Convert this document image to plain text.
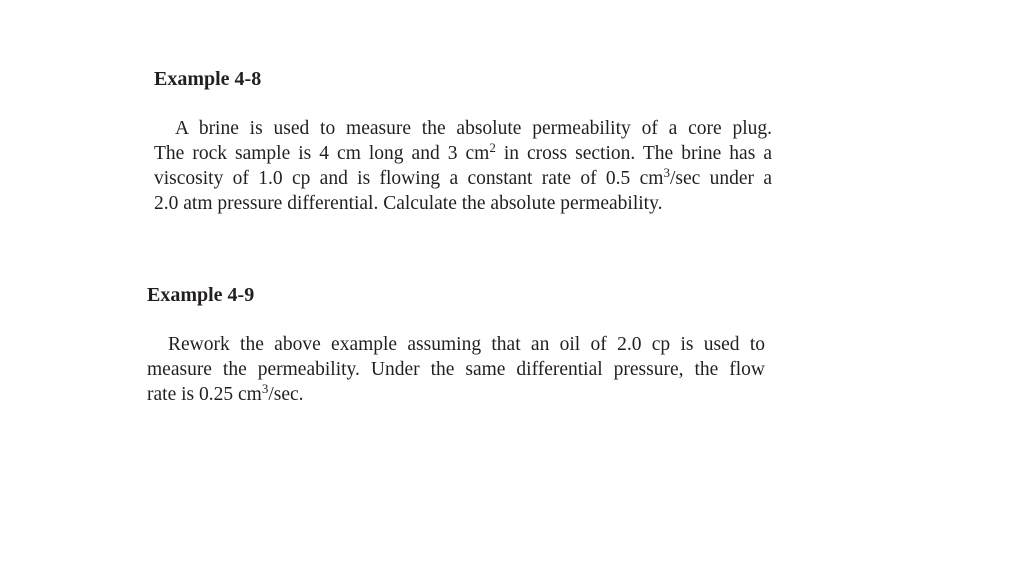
Example 4-8

A brine is used to measure the absolute permeability of a core plug.
The rock sample is 4 cm long and 3 $cm^2$ in cross section. The brine has a
viscosity of 1.0 cp and is flowing a constant rate of 0.5 $cm^3/\sec$ under a
2.0 atm pressure differential. Calculate the absolute permeability.

Example 4-9

Rework the above example assuming that an oil of 2.0 cp is used to
measure the permeability. Under the same differential pressure, the flow
rate is 0.25 $cm^3/\sec$.
